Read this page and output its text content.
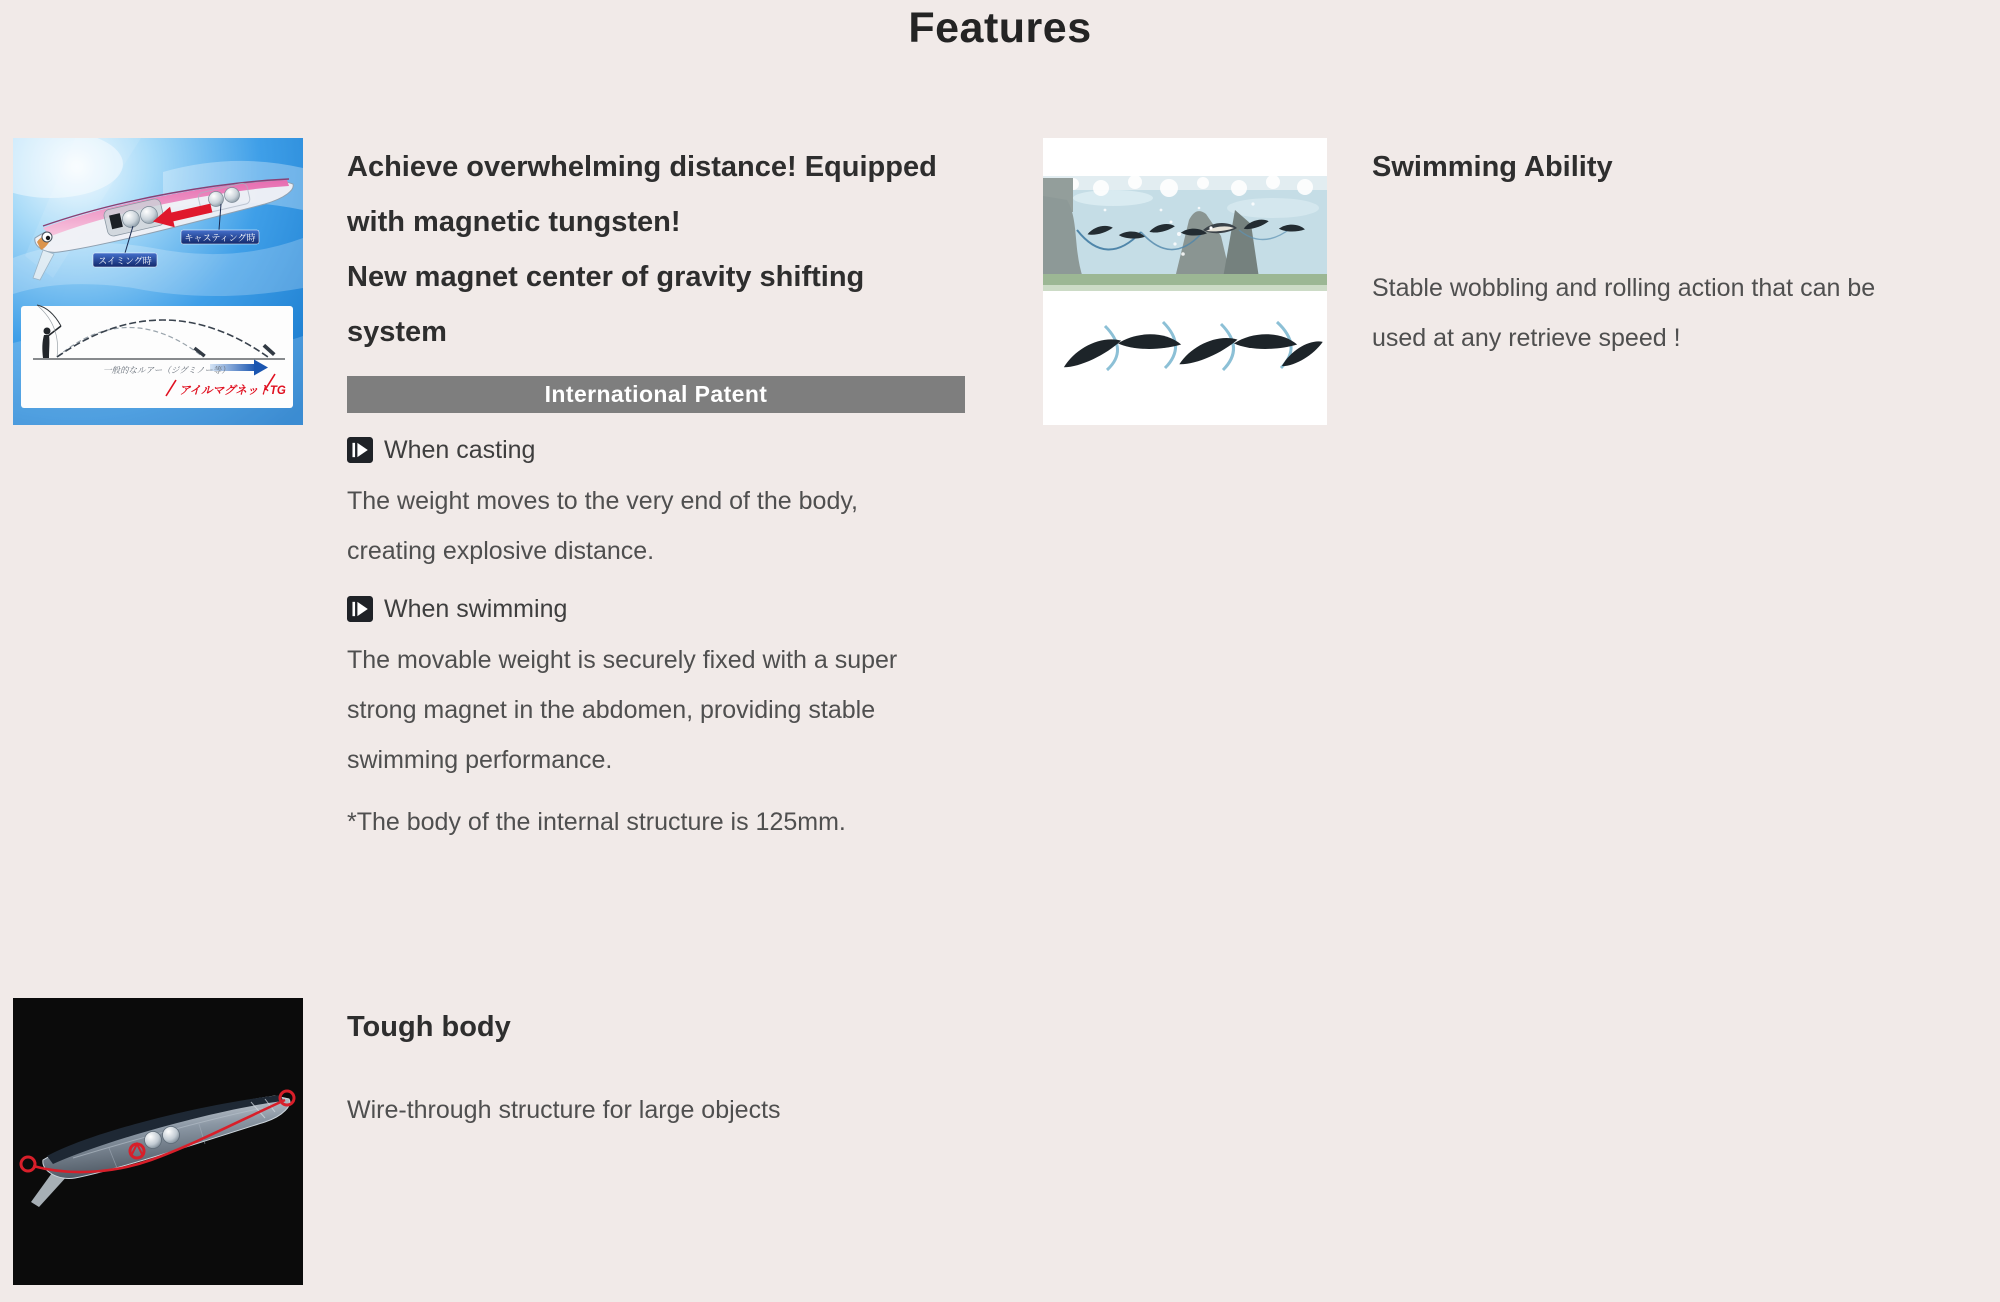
Features
スイミング時
キャスティング時
一般的なルアー（ジグミノー等）
アイルマグネットTG
Achieve overwhelming distance! Equipped
with magnetic tungsten!
New magnet center of gravity shifting
system
International Patent
When casting
The weight moves to the very end of the body,
creating explosive distance.
When swimming
The movable weight is securely fixed with a super
strong magnet in the abdomen, providing stable
swimming performance.
*The body of the internal structure is 125mm.
Swimming Ability
Stable wobbling and rolling action that can be
used at any retrieve speed !
Tough body
Wire-through structure for large objects
